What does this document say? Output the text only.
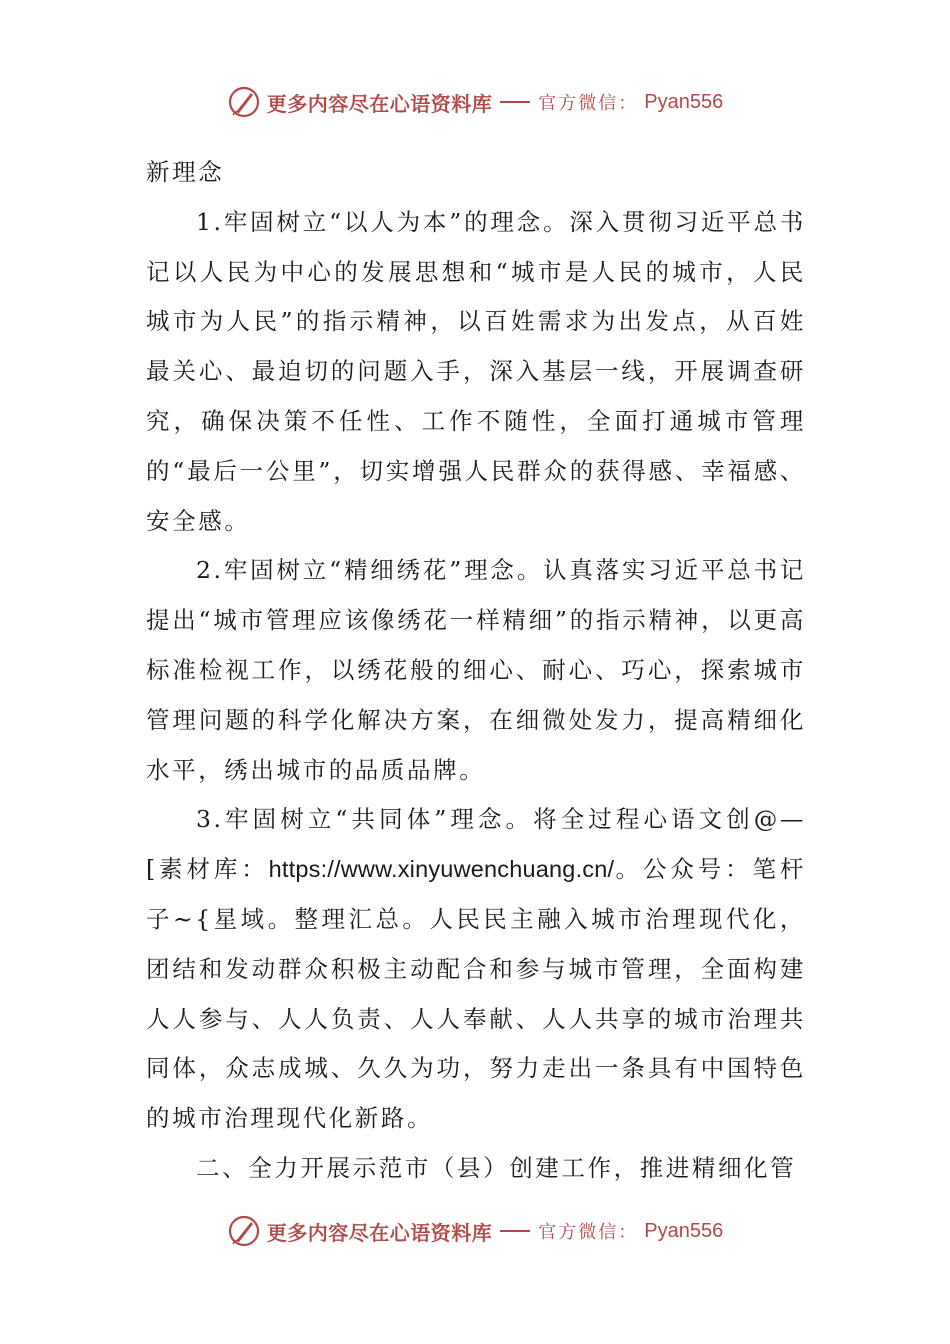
更多内容尽在心语资料库	官方微信： Pyan556

新理念

1.牢固树立“以人为本”的理念。深入贯彻习近平总书记以人民为中心的发展思想和“城市是人民的城市，人民城市为人民”的指示精神，以百姓需求为出发点，从百姓最关心、最迫切的问题入手，深入基层一线，开展调查研究，确保决策不任性、工作不随性，全面打通城市管理的“最后一公里”，切实增强人民群众的获得感、幸福感、安全感。

2.牢固树立“精细绣花”理念。认真落实习近平总书记提出“城市管理应该像绣花一样精细”的指示精神，以更高标准检视工作，以绣花般的细心、耐心、巧心，探索城市管理问题的科学化解决方案，在细微处发力，提高精细化水平，绣出城市的品质品牌。

3.牢固树立“共同体”理念。将全过程心语文创@—[素材库：https://www.xinyuwenchuang.cn/。公众号：笔杆子~{星域。整理汇总。人民民主融入城市治理现代化，团结和发动群众积极主动配合和参与城市管理，全面构建人人参与、人人负责、人人奉献、人人共享的城市治理共同体，众志成城、久久为功，努力走出一条具有中国特色的城市治理现代化新路。

二、全力开展示范市（县）创建工作，推进精细化管

更多内容尽在心语资料库	官方微信： Pyan556
